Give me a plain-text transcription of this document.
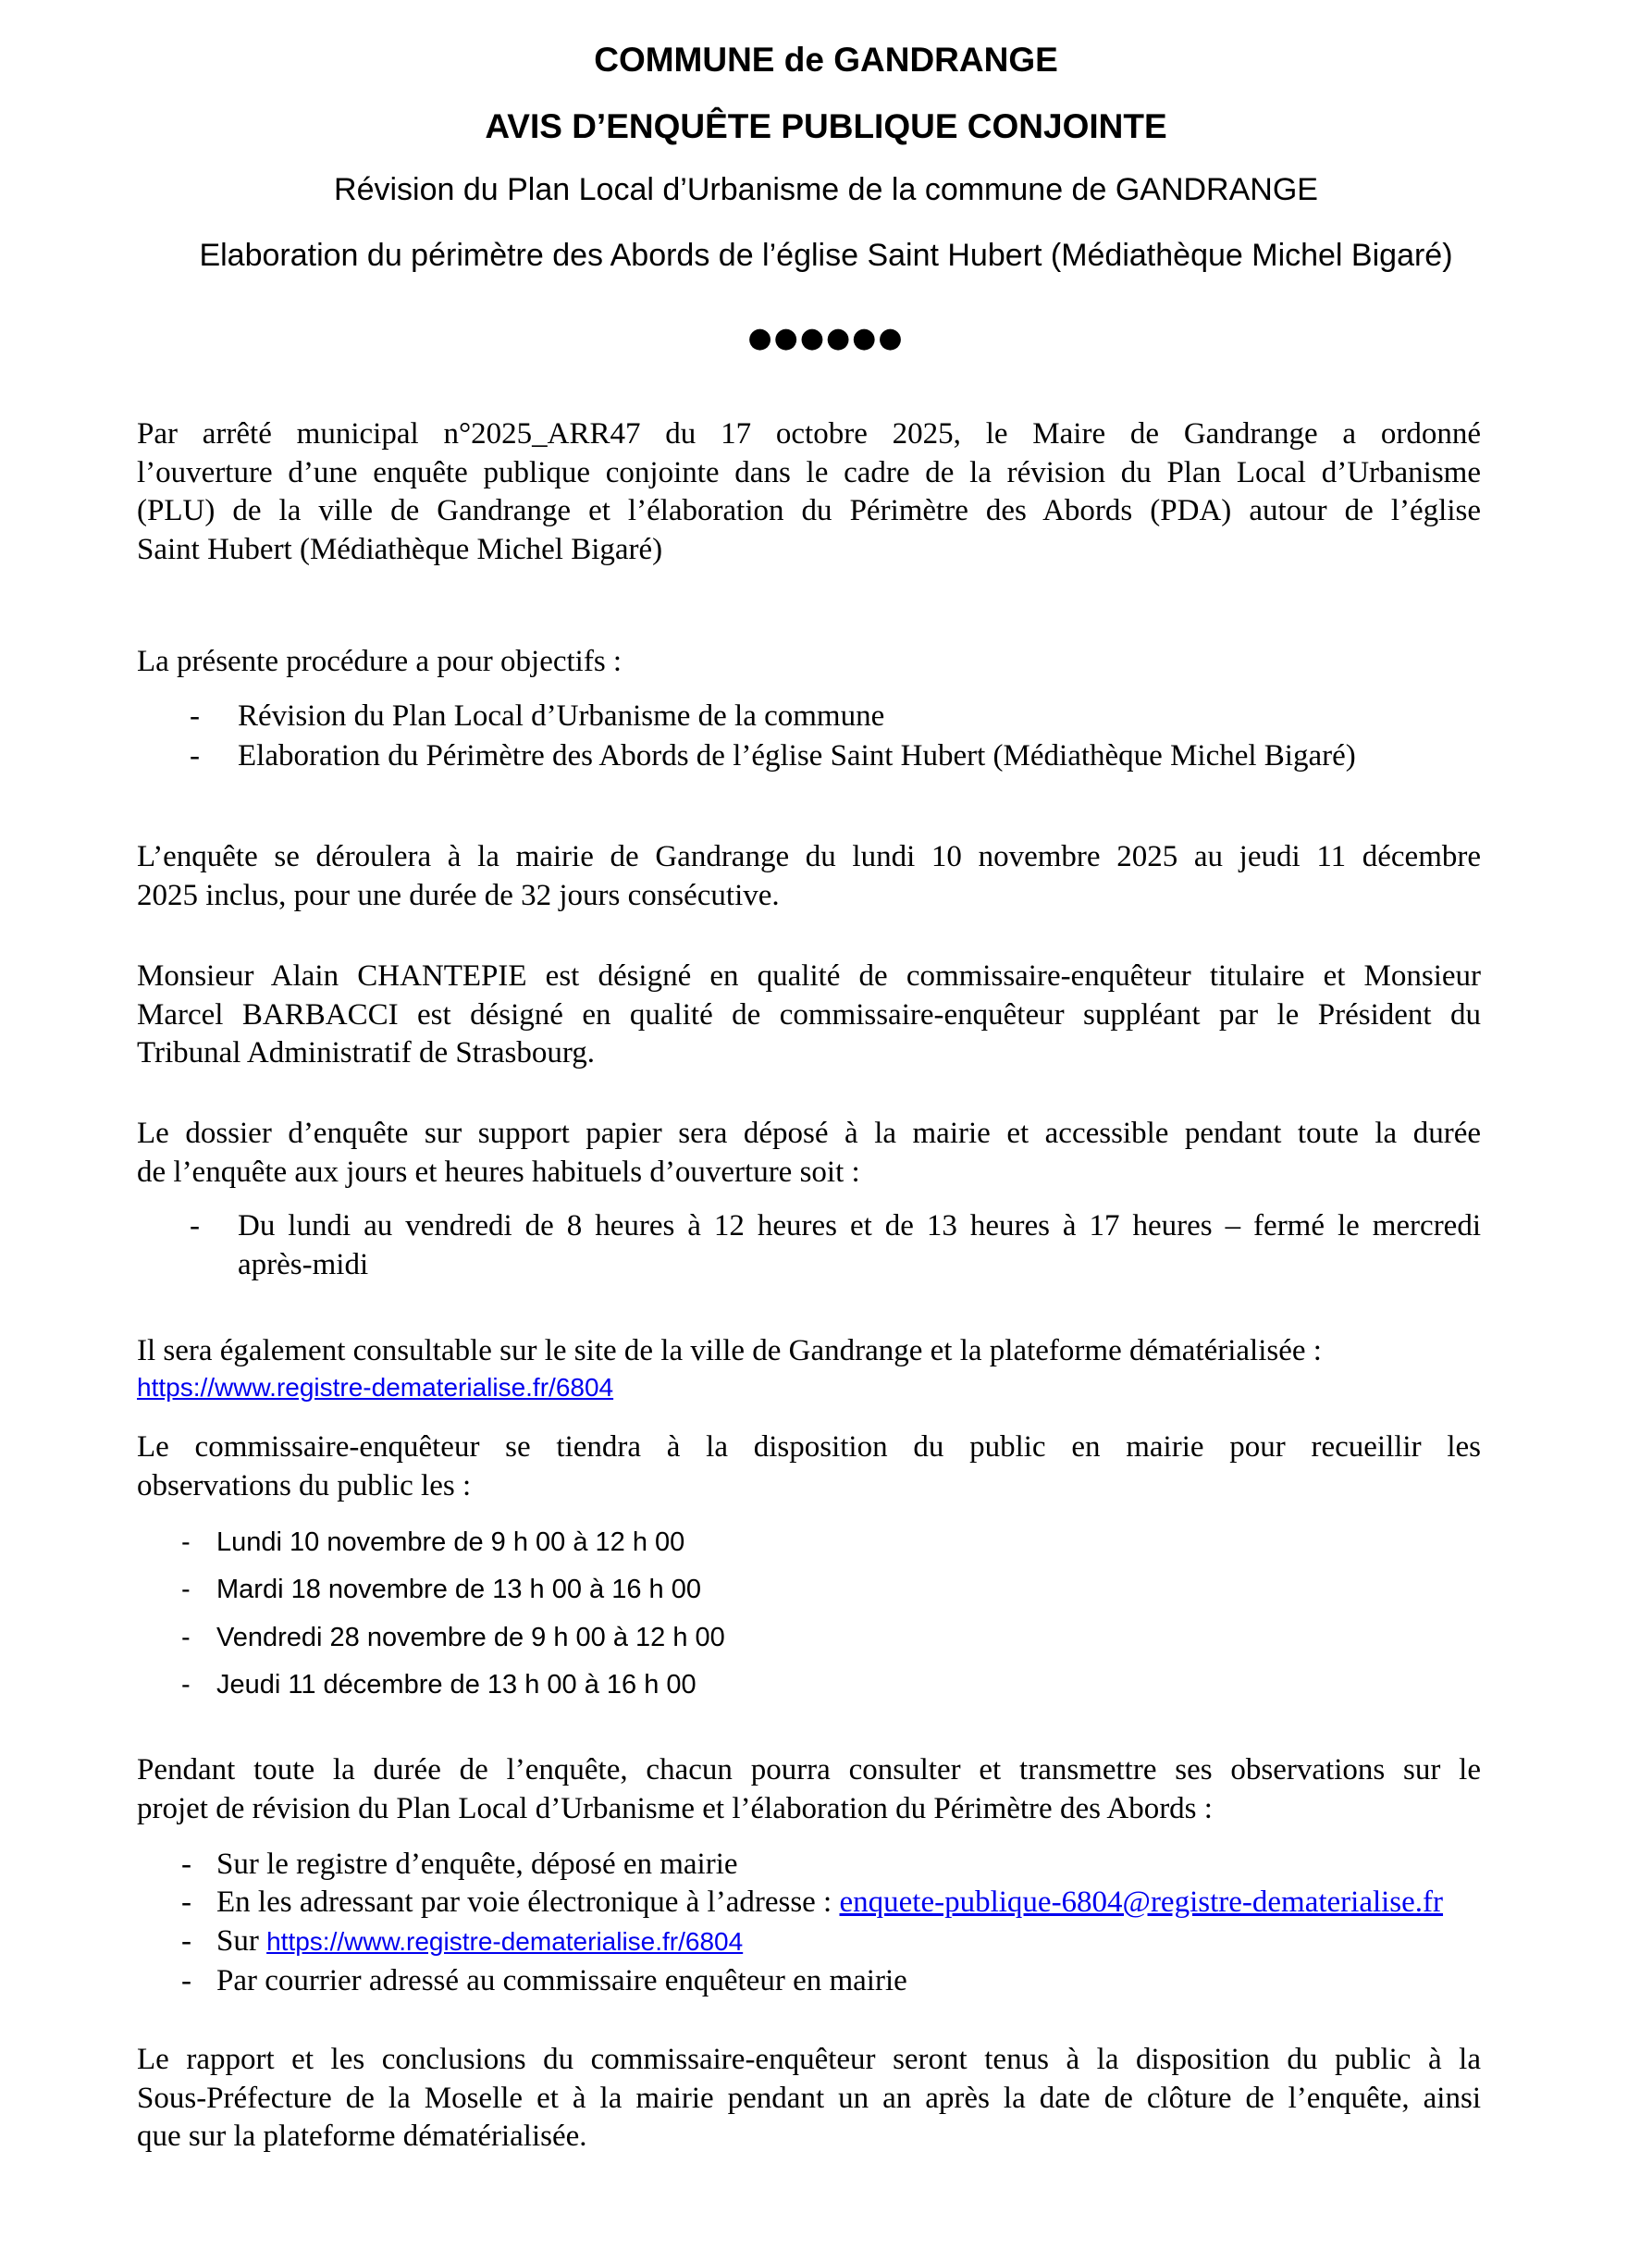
COMMUNE de GANDRANGE
AVIS D’ENQUÊTE PUBLIQUE CONJOINTE
Révision du Plan Local d’Urbanisme de la commune de GANDRANGE
Elaboration du périmètre des Abords de l’église Saint Hubert (Médiathèque Michel Bigaré)
●●●●●●
Par arrêté municipal n°2025_ARR47 du 17 octobre 2025, le Maire de Gandrange a ordonné
l’ouverture d’une enquête publique conjointe dans le cadre de la révision du Plan Local d’Urbanisme
(PLU) de la ville de Gandrange et l’élaboration du Périmètre des Abords (PDA) autour de l’église
Saint Hubert (Médiathèque Michel Bigaré)
La présente procédure a pour objectifs :
- Révision du Plan Local d’Urbanisme de la commune
- Elaboration du Périmètre des Abords de l’église Saint Hubert (Médiathèque Michel Bigaré)
L’enquête se déroulera à la mairie de Gandrange du lundi 10 novembre 2025 au jeudi 11 décembre
2025 inclus, pour une durée de 32 jours consécutive.
Monsieur Alain CHANTEPIE est désigné en qualité de commissaire-enquêteur titulaire et Monsieur
Marcel BARBACCI est désigné en qualité de commissaire-enquêteur suppléant par le Président du
Tribunal Administratif de Strasbourg.
Le dossier d’enquête sur support papier sera déposé à la mairie et accessible pendant toute la durée
de l’enquête aux jours et heures habituels d’ouverture soit :
- Du lundi au vendredi de 8 heures à 12 heures et de 13 heures à 17 heures – fermé le mercredi
après-midi
Il sera également consultable sur le site de la ville de Gandrange et la plateforme dématérialisée :
https://www.registre-dematerialise.fr/6804
Le commissaire-enquêteur se tiendra à la disposition du public en mairie pour recueillir les
observations du public les :
- Lundi 10 novembre de 9 h 00 à 12 h 00
- Mardi 18 novembre de 13 h 00 à 16 h 00
- Vendredi 28 novembre de 9 h 00 à 12 h 00
- Jeudi 11 décembre de 13 h 00 à 16 h 00
Pendant toute la durée de l’enquête, chacun pourra consulter et transmettre ses observations sur le
projet de révision du Plan Local d’Urbanisme et l’élaboration du Périmètre des Abords :
- Sur le registre d’enquête, déposé en mairie
- En les adressant par voie électronique à l’adresse : enquete-publique-6804@registre-dematerialise.fr
- Sur https://www.registre-dematerialise.fr/6804
- Par courrier adressé au commissaire enquêteur en mairie
Le rapport et les conclusions du commissaire-enquêteur seront tenus à la disposition du public à la
Sous-Préfecture de la Moselle et à la mairie pendant un an après la date de clôture de l’enquête, ainsi
que sur la plateforme dématérialisée.
